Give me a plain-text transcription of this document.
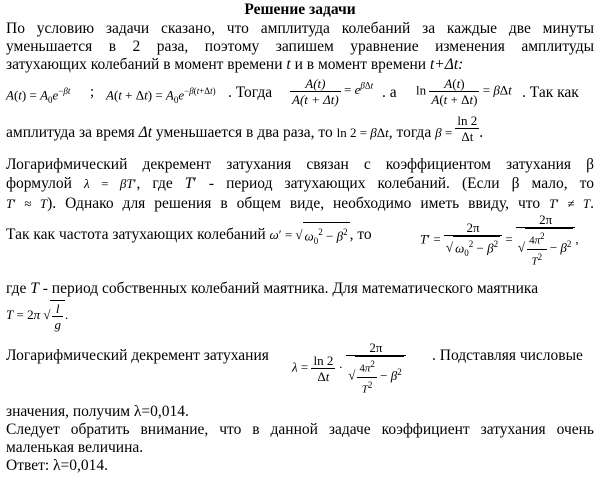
Решение задачи
По условию задачи сказано, что амплитуда колебаний за каждые две минуты
уменьшается в 2 раза, поэтому запишем уравнение изменения амплитуды
затухающих колебаний в момент времени t и в момент времени t+Δt:
$A(t) = A_0e^{-\beta t}$ ; $A(t + \Delta t) = A_0e^{-\beta(t+\Delta t)}$ . Тогда $\frac{A(t)}{A(t + \Delta t)} = e^{\beta\Delta t}$ . а $\ln \frac{A(t)}{A(t + \Delta t)} = \beta\Delta t$ . Так как
амплитуда за время Δt уменьшается в два раза, то ln 2 = βΔt, тогда $\beta = \frac{\ln 2}{\Delta t}$ .
Логарифмический декремент затухания связан с коэффициентом затухания β
формулой λ = βT′, где T′ - период затухающих колебаний. (Если β мало, то
T′ ≈ T). Однако для решения в общем виде, необходимо иметь ввиду, что T′ ≠ T.
Так как частота затухающих колебаний ω′ = √ $\omega_0^2 - \beta^2$ , то	$T' = \frac{2\pi}{√ \omega_0^2 - \beta^2} = \frac{2\pi}{√ \frac{4\pi^2}{T^2} - \beta^2}$ ,
где T - период собственных колебаний маятника. Для математического маятника
T = 2π √ $\frac{l}{g}$ .
Логарифмический декремент затухания
$\lambda = \frac{\ln 2}{\Delta t} \cdot \frac{2\pi}{√ \frac{4\pi^2}{T^2} - \beta^2}$ . Подставляя числовые
значения, получим λ=0,014.
Следует обратить внимание, что в данной задаче коэффициент затухания очень
маленькая величина.
Ответ: λ=0,014.
